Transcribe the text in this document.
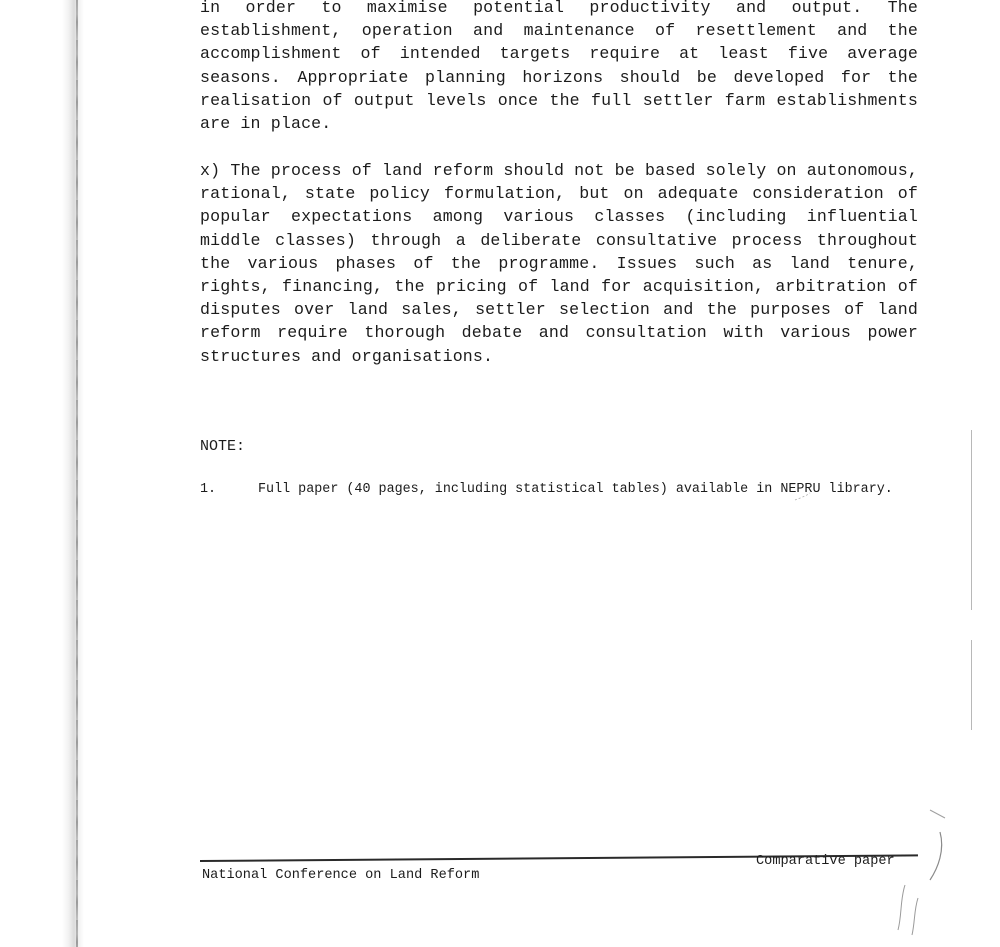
in order to maximise potential productivity and output. The establishment, operation and maintenance of resettlement and the accomplishment of intended targets require at least five average seasons. Appropriate planning horizons should be developed for the realisation of output levels once the full settler farm establishments are in place.

x) The process of land reform should not be based solely on autonomous, rational, state policy formulation, but on adequate consideration of popular expectations among various classes (including influential middle classes) through a deliberate consultative process throughout the various phases of the programme. Issues such as land tenure, rights, financing, the pricing of land for acquisition, arbitration of disputes over land sales, settler selection and the purposes of land reform require thorough debate and consultation with various power structures and organisations.

NOTE:

1.	Full paper (40 pages, including statistical tables) available in NEPRU library.

National Conference on Land Reform

Comparative paper
